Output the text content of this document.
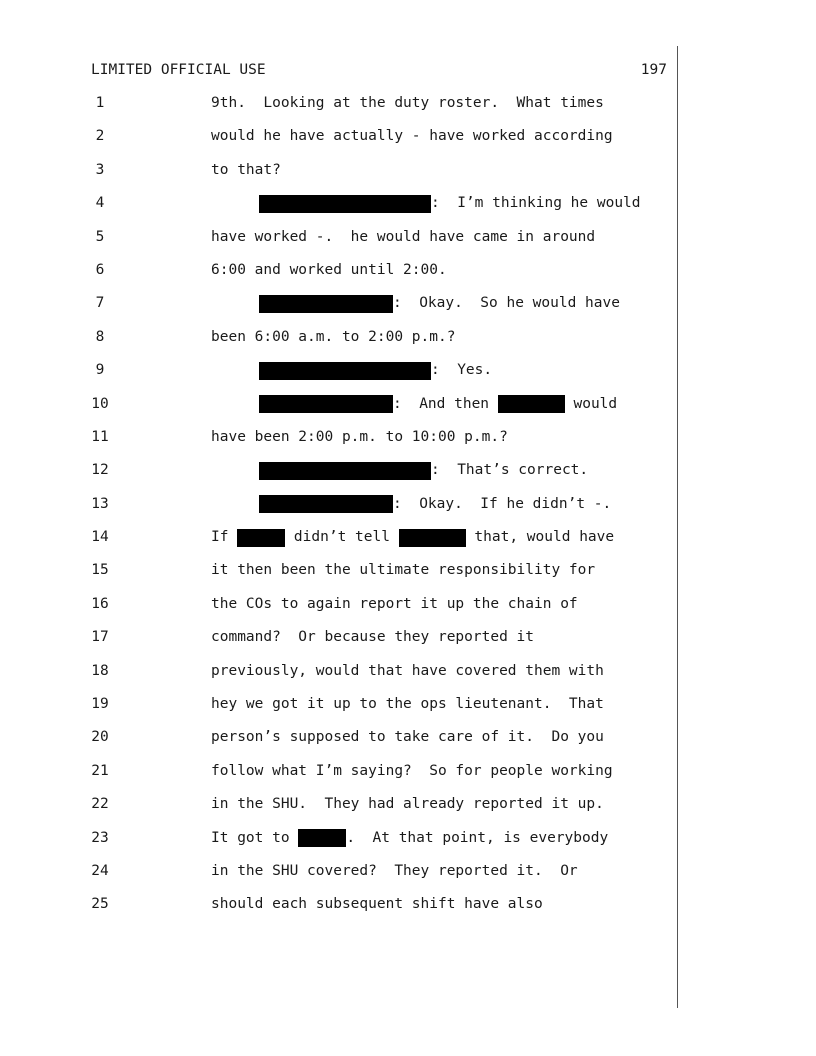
LIMITED OFFICIAL USE	197
1
2
3
4
5
6
7
8
9
10
11
12
13
14
15
16
17
18
19
20
21
22
23
24
25
9th.  Looking at the duty roster.  What times
would he have actually - have worked according
to that?
:  I’m thinking he would
have worked -.  he would have came in around
6:00 and worked until 2:00.
:  Okay.  So he would have
been 6:00 a.m. to 2:00 p.m.?
:  Yes.
:  And then	would
have been 2:00 p.m. to 10:00 p.m.?
:  That’s correct.
:  Okay.  If he didn’t -.
If	didn’t tell	that, would have
it then been the ultimate responsibility for
the COs to again report it up the chain of
command?  Or because they reported it
previously, would that have covered them with
hey we got it up to the ops lieutenant.  That
person’s supposed to take care of it.  Do you
follow what I’m saying?  So for people working
in the SHU.  They had already reported it up.
It got to	.  At that point, is everybody
in the SHU covered?  They reported it.  Or
should each subsequent shift have also
